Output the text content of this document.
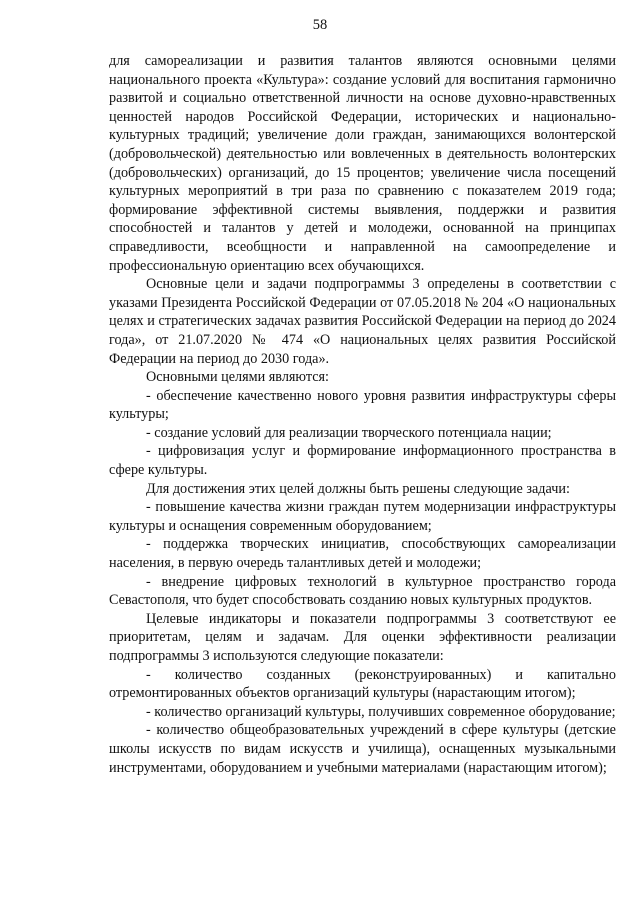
58

для самореализации и развития талантов являются основными целями национального проекта «Культура»: создание условий для воспитания гармонично развитой и социально ответственной личности на основе духовно-нравственных ценностей народов Российской Федерации, исторических и национально-культурных традиций; увеличение доли граждан, занимающихся волонтерской (добровольческой) деятельностью или вовлеченных в деятельность волонтерских (добровольческих) организаций, до 15 процентов; увеличение числа посещений культурных мероприятий в три раза по сравнению с показателем 2019 года; формирование эффективной системы выявления, поддержки и развития способностей и талантов у детей и молодежи, основанной на принципах справедливости, всеобщности и направленной на самоопределение и профессиональную ориентацию всех обучающихся.

Основные цели и задачи подпрограммы 3 определены в соответствии с указами Президента Российской Федерации от 07.05.2018 № 204 «О национальных целях и стратегических задачах развития Российской Федерации на период до 2024 года», от 21.07.2020 № 474 «О национальных целях развития Российской Федерации на период до 2030 года».

Основными целями являются:

- обеспечение качественно нового уровня развития инфраструктуры сферы культуры;

- создание условий для реализации творческого потенциала нации;

- цифровизация услуг и формирование информационного пространства в сфере культуры.

Для достижения этих целей должны быть решены следующие задачи:

- повышение качества жизни граждан путем модернизации инфраструктуры культуры и оснащения современным оборудованием;

- поддержка творческих инициатив, способствующих самореализации населения, в первую очередь талантливых детей и молодежи;

- внедрение цифровых технологий в культурное пространство города Севастополя, что будет способствовать созданию новых культурных продуктов.

Целевые индикаторы и показатели подпрограммы 3 соответствуют ее приоритетам, целям и задачам. Для оценки эффективности реализации подпрограммы 3 используются следующие показатели:

- количество созданных (реконструированных) и капитально отремонтированных объектов организаций культуры (нарастающим итогом);

- количество организаций культуры, получивших современное оборудование;

- количество общеобразовательных учреждений в сфере культуры (детские школы искусств по видам искусств и училища), оснащенных музыкальными инструментами, оборудованием и учебными материалами (нарастающим итогом);
